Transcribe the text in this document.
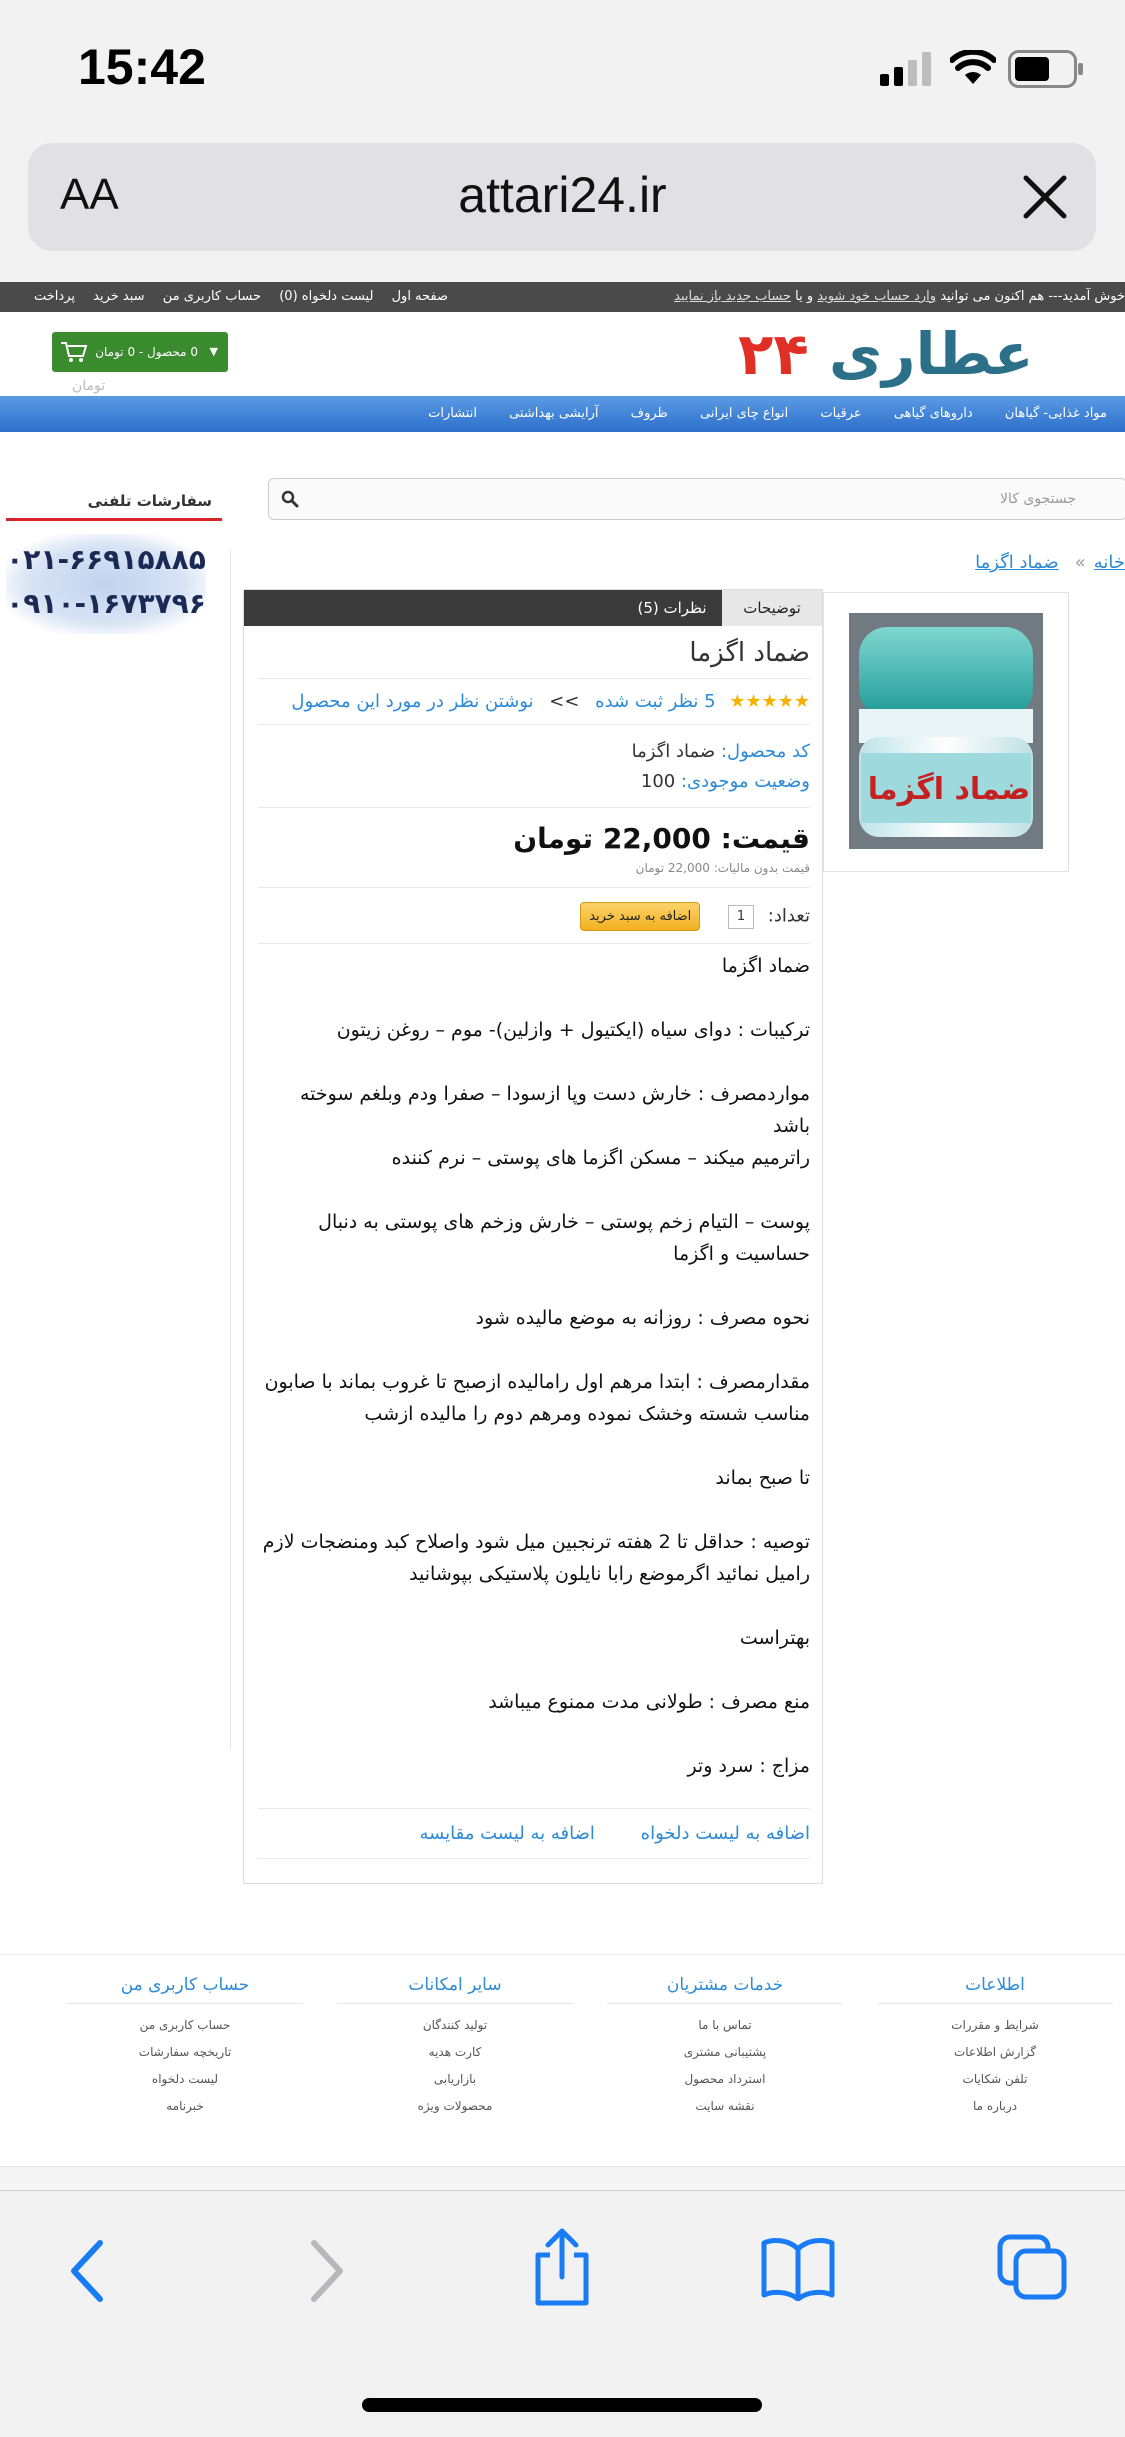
15:42
AA	attari24.ir
خوش آمدید--- هم اکنون می توانید وارد حساب خود شوید و یا حساب جدید باز نمایید
صفحه اول لیست دلخواه (0) حساب کاربری من سبد خرید پرداخت
عطاری ۲۴
▼
0 محصول - 0 تومان
تومان
مواد غذایی- گیاهان داروهای گیاهی عرقیات انواع چای ایرانی ظروف آرایشی بهداشتی انتشارات
سفارشات تلفنی
۰۲۱-۶۶۹۱۵۸۸۵
۰۹۱۰-۱۶۷۳۷۹۶
جستجوی کالا
خانه»ضماد اگزما
ضماد اگزما
توضیحات
نظرات (5)
ضماد اگزما
★★★★★ 5 نظر ثبت شده >> نوشتن نظر در مورد این محصول
کد محصول: ضماد اگزما
وضعیت موجودی: 100
قیمت: 22,000 تومان
قیمت بدون مالیات: 22,000 تومان
تعداد: 1 اضافه به سبد خرید

ضماد اگزما

ترکیبات : دوای سیاه (ایکتیول + وازلین)- موم – روغن زیتون

مواردمصرف : خارش دست وپا ازسودا – صفرا ودم وبلغم سوخته باشد
راترمیم میکند – مسکن اگزما های پوستی – نرم کننده

پوست – التیام زخم پوستی – خارش وزخم های پوستی به دنبال
حساسیت و اگزما

نحوه مصرف : روزانه به موضع مالیده شود

مقدارمصرف : ابتدا مرهم اول رامالیده ازصبح تا غروب بماند با صابون
مناسب شسته وخشک نموده ومرهم دوم را مالیده ازشب

تا صبح بماند

توصیه : حداقل تا 2 هفته ترنجبین میل شود واصلاح کبد ومنضجات لازم
رامیل نمائید اگرموضع رابا نایلون پلاستیکی بپوشانید

بهتراست

منع مصرف : طولانی مدت ممنوع میباشد

مزاج : سرد وتر

اضافه به لیست دلخواه اضافه به لیست مقایسه
اطلاعات
شرایط و مقررات
گزارش اطلاعات
تلفن شکایات
درباره ما
خدمات مشتریان
تماس با ما
پشتیبانی مشتری
استرداد محصول
نقشه سایت
سایر امکانات
تولید کنندگان
کارت هدیه
بازاریابی
محصولات ویژه
حساب کاربری من
حساب کاربری من
تاریخچه سفارشات
لیست دلخواه
خبرنامه
